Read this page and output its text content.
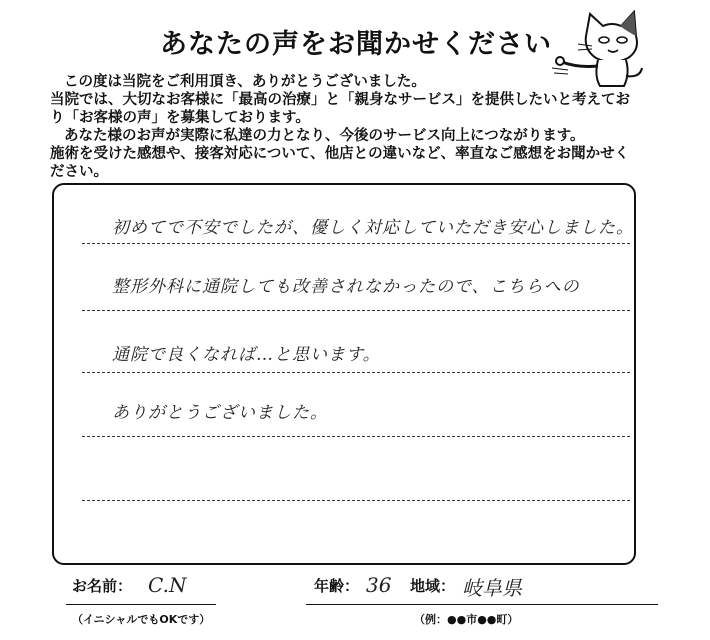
あなたの声をお聞かせください
この度は当院をご利用頂き、ありがとうございました。
当院では、大切なお客様に「最高の治療」と「親身なサービス」を提供したいと考えてお
り「お客様の声」を募集しております。
あなた様のお声が実際に私達の力となり、今後のサービス向上につながります。
施術を受けた感想や、接客対応について、他店との違いなど、率直なご感想をお聞かせく
ださい。
初めてで不安でしたが、優しく対応していただき安心しました。
整形外科に通院しても改善されなかったので、こちらへの
通院で良くなれば…と思います。
ありがとうございました。
お名前： C.N
（イニシャルでもOKです）
年齢： 36 地域： 岐阜県
（例：●●市●●町）
